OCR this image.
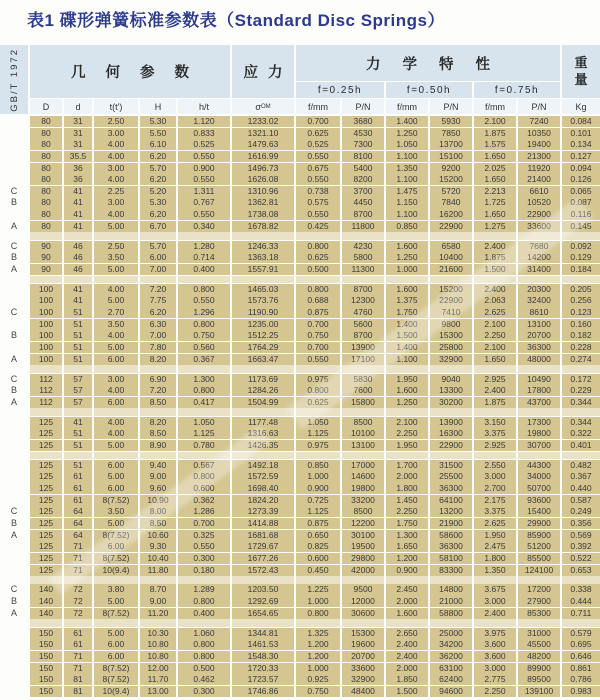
表1 碟形弹簧标准参数表（Standard Disc Springs）
GB/T 1972	几 何 参 数	应 力
力 学 特 性	重量
f=0.25h	f=0.50h	f=0.75h
D	d	t(t')	H	h/t	σ OM	f/mm	P/N	f/mm	P/N	f/mm	P/N	Kg
80	31	2.50	5.30	1.120	1233.02	0.700	3680	1.400	5930	2.100	7240	0.084
80	31	3.00	5.50	0.833	1321.10	0.625	4530	1.250	7850	1.875	10350	0.101
80	31	4.00	6.10	0.525	1479.63	0.525	7300	1.050	13700	1.575	19400	0.134
80	35.5	4.00	6.20	0.550	1616.99	0.550	8100	1.100	15100	1.650	21300	0.127
80	36	3.00	5.70	0.900	1496.73	0.675	5400	1.350	9200	2.025	11920	0.094
80	36	4.00	6.20	0.550	1626.08	0.550	8200	1.100	15200	1.650	21400	0.126
C	80	41	2.25	5.20	1.311	1310.96	0.738	3700	1.475	5720	2.213	6610	0.065
B	80	41	3.00	5.30	0.767	1362.81	0.575	4450	1.150	7840	1.725	10520	0.087
80	41	4.00	6.20	0.550	1738.08	0.550	8700	1.100	16200	1.650	22900	0.116
A	80	41	5.00	6.70	0.340	1678.82	0.425	11800	0.850	22900	1.275	33600	0.145
C	90	46	2.50	5.70	1.280	1246.33	0.800	4230	1.600	6580	2.400	7680	0.092
B	90	46	3.50	6.00	0.714	1363.18	0.625	5800	1.250	10400	1.875	14200	0.129
A	90	46	5.00	7.00	0.400	1557.91	0.500	11300	1.000	21600	1.500	31400	0.184
100	41	4.00	7.20	0.800	1465.03	0.800	8700	1.600	15200	2.400	20300	0.205
100	41	5.00	7.75	0.550	1573.76	0.688	12300	1.375	22900	2.063	32400	0.256
C	100	51	2.70	6.20	1.296	1190.90	0.875	4760	1.750	7410	2.625	8610	0.123
100	51	3.50	6.30	0.800	1235.00	0.700	5600	1.400	9800	2.100	13100	0.160
B	100	51	4.00	7.00	0.750	1512.25	0.750	8700	1.500	15300	2.250	20700	0.182
100	51	5.00	7.80	0.560	1764.29	0.700	13900	1.400	25800	2.100	36300	0.228
A	100	51	6.00	8.20	0.367	1663.47	0.550	17100	1.100	32900	1.650	48000	0.274
C	112	57	3.00	6.90	1.300	1173.69	0.975	5830	1.950	9040	2.925	10490	0.172
B	112	57	4.00	7.20	0.800	1284.26	0.800	7600	1.600	13300	2.400	17800	0.229
A	112	57	6.00	8.50	0.417	1504.99	0.625	15800	1.250	30200	1.875	43700	0.344
125	41	4.00	8.20	1.050	1177.48	1.050	8500	2.100	13900	3.150	17300	0.344
125	51	4.00	8.50	1.125	1316.63	1.125	10100	2.250	16300	3.375	19800	0.322
125	51	5.00	8.90	0.780	1426.35	0.975	13100	1.950	22900	2.925	30700	0.401
125	51	6.00	9.40	0.567	1492.18	0.850	17000	1.700	31500	2.550	44300	0.482
125	61	5.00	9.00	0.800	1572.59	1.000	14600	2.000	25500	3.000	34000	0.367
125	61	6.00	9.60	0.600	1698.40	0.900	19800	1.800	36300	2.700	50700	0.440
125	61	8(7.52)	10.90	0.362	1824.20	0.725	33200	1.450	64100	2.175	93600	0.587
C	125	64	3.50	8.00	1.286	1273.39	1.125	8500	2.250	13200	3.375	15400	0.249
B	125	64	5.00	8.50	0.700	1414.88	0.875	12200	1.750	21900	2.625	29900	0.356
A	125	64	8(7.52)	10.60	0.325	1681.68	0.650	30100	1.300	58600	1.950	85900	0.569
125	71	6.00	9.30	0.550	1729.67	0.825	19500	1.650	36300	2.475	51200	0.392
125	71	8(7.52)	10.40	0.300	1677.26	0.600	29800	1.200	58100	1.800	85500	0.522
125	71	10(9.4)	11.80	0.180	1572.43	0.450	42000	0.900	83300	1.350	124100	0.653
C	140	72	3.80	8.70	1.289	1203.50	1.225	9500	2.450	14800	3.675	17200	0.338
B	140	72	5.00	9.00	0.800	1292.69	1.000	12000	2.000	21000	3.000	27900	0.444
A	140	72	8(7.52)	11.20	0.400	1654.65	0.800	30600	1.600	58800	2.400	85300	0.711
150	61	5.00	10.30	1.060	1344.81	1.325	15300	2.650	25000	3.975	31000	0.579
150	61	6.00	10.80	0.800	1461.53	1.200	19600	2.400	34200	3.600	45500	0.695
150	71	6.00	10.80	0.800	1548.30	1.200	20700	2.400	36200	3.600	48200	0.646
150	71	8(7.52)	12.00	0.500	1720.33	1.000	33600	2.000	63100	3.000	89900	0.861
150	81	8(7.52)	11.70	0.462	1723.57	0.925	32900	1.850	62400	2.775	89500	0.786
150	81	10(9.4)	13.00	0.300	1746.86	0.750	48400	1.500	94600	2.250	139100	0.983
